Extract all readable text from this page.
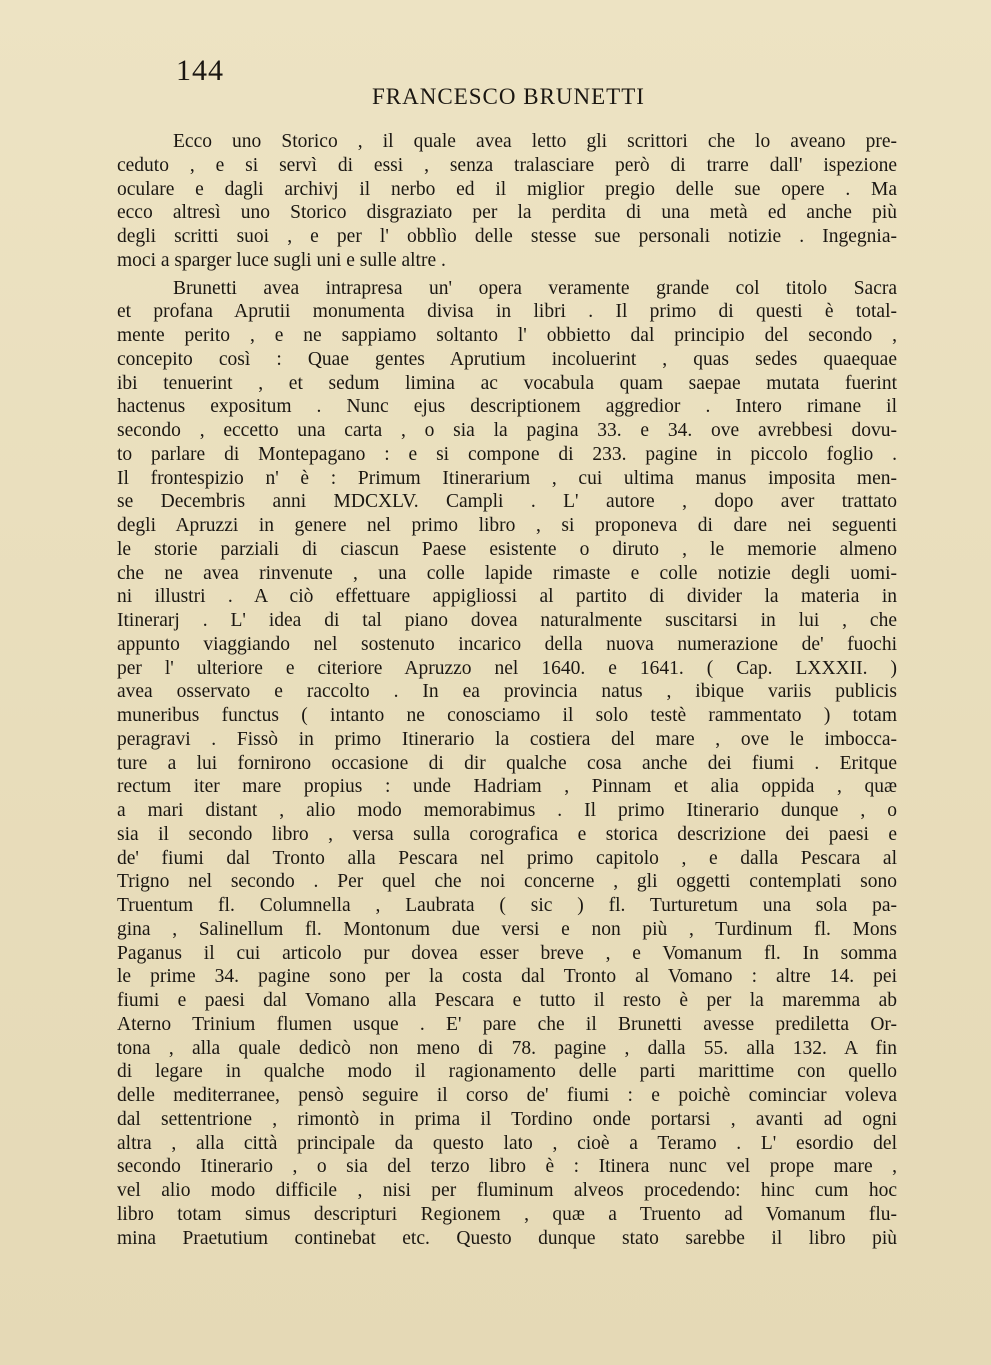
144
FRANCESCO BRUNETTI
Ecco uno Storico , il quale avea letto gli scrittori che lo aveano pre-
ceduto , e si servì di essi , senza tralasciare però di trarre dall' ispezione
oculare e dagli archivj il nerbo ed il miglior pregio delle sue opere . Ma
ecco altresì uno Storico disgraziato per la perdita di una metà ed anche più
degli scritti suoi , e per l' obblìo delle stesse sue personali notizie . Ingegnia-
moci a sparger luce sugli uni e sulle altre .
Brunetti avea intrapresa un' opera veramente grande col titolo Sacra
et profana Aprutii monumenta divisa in libri . Il primo di questi è total-
mente perito , e ne sappiamo soltanto l' obbietto dal principio del secondo ,
concepito così : Quae gentes Aprutium incoluerint , quas sedes quaequae
ibi tenuerint , et sedum limina ac vocabula quam saepae mutata fuerint
hactenus expositum . Nunc ejus descriptionem aggredior . Intero rimane il
secondo , eccetto una carta , o sia la pagina 33. e 34. ove avrebbesi dovu-
to parlare di Montepagano : e si compone di 233. pagine in piccolo foglio .
Il frontespizio n' è : Primum Itinerarium , cui ultima manus imposita men-
se Decembris anni MDCXLV. Campli . L' autore , dopo aver trattato
degli Apruzzi in genere nel primo libro , si proponeva di dare nei seguenti
le storie parziali di ciascun Paese esistente o diruto , le memorie almeno
che ne avea rinvenute , una colle lapide rimaste e colle notizie degli uomi-
ni illustri . A ciò effettuare appigliossi al partito di divider la materia in
Itinerarj . L' idea di tal piano dovea naturalmente suscitarsi in lui , che
appunto viaggiando nel sostenuto incarico della nuova numerazione de' fuochi
per l' ulteriore e citeriore Apruzzo nel 1640. e 1641. ( Cap. LXXXII. )
avea osservato e raccolto . In ea provincia natus , ibique variis publicis
muneribus functus ( intanto ne conosciamo il solo testè rammentato ) totam
peragravi . Fissò in primo Itinerario la costiera del mare , ove le imbocca-
ture a lui fornirono occasione di dir qualche cosa anche dei fiumi . Eritque
rectum iter mare propius : unde Hadriam , Pinnam et alia oppida , quæ
a mari distant , alio modo memorabimus . Il primo Itinerario dunque , o
sia il secondo libro , versa sulla corografica e storica descrizione dei paesi e
de' fiumi dal Tronto alla Pescara nel primo capitolo , e dalla Pescara al
Trigno nel secondo . Per quel che noi concerne , gli oggetti contemplati sono
Truentum fl. Columnella , Laubrata ( sic ) fl. Turturetum una sola pa-
gina , Salinellum fl. Montonum due versi e non più , Turdinum fl. Mons
Paganus il cui articolo pur dovea esser breve , e Vomanum fl. In somma
le prime 34. pagine sono per la costa dal Tronto al Vomano : altre 14. pei
fiumi e paesi dal Vomano alla Pescara e tutto il resto è per la maremma ab
Aterno Trinium flumen usque . E' pare che il Brunetti avesse prediletta Or-
tona , alla quale dedicò non meno di 78. pagine , dalla 55. alla 132. A fin
di legare in qualche modo il ragionamento delle parti marittime con quello
delle mediterranee, pensò seguire il corso de' fiumi : e poichè cominciar voleva
dal settentrione , rimontò in prima il Tordino onde portarsi , avanti ad ogni
altra , alla città principale da questo lato , cioè a Teramo . L' esordio del
secondo Itinerario , o sia del terzo libro è : Itinera nunc vel prope mare ,
vel alio modo difficile , nisi per fluminum alveos procedendo: hinc cum hoc
libro totam simus descripturi Regionem , quæ a Truento ad Vomanum flu-
mina Praetutium continebat etc. Questo dunque stato sarebbe il libro più
